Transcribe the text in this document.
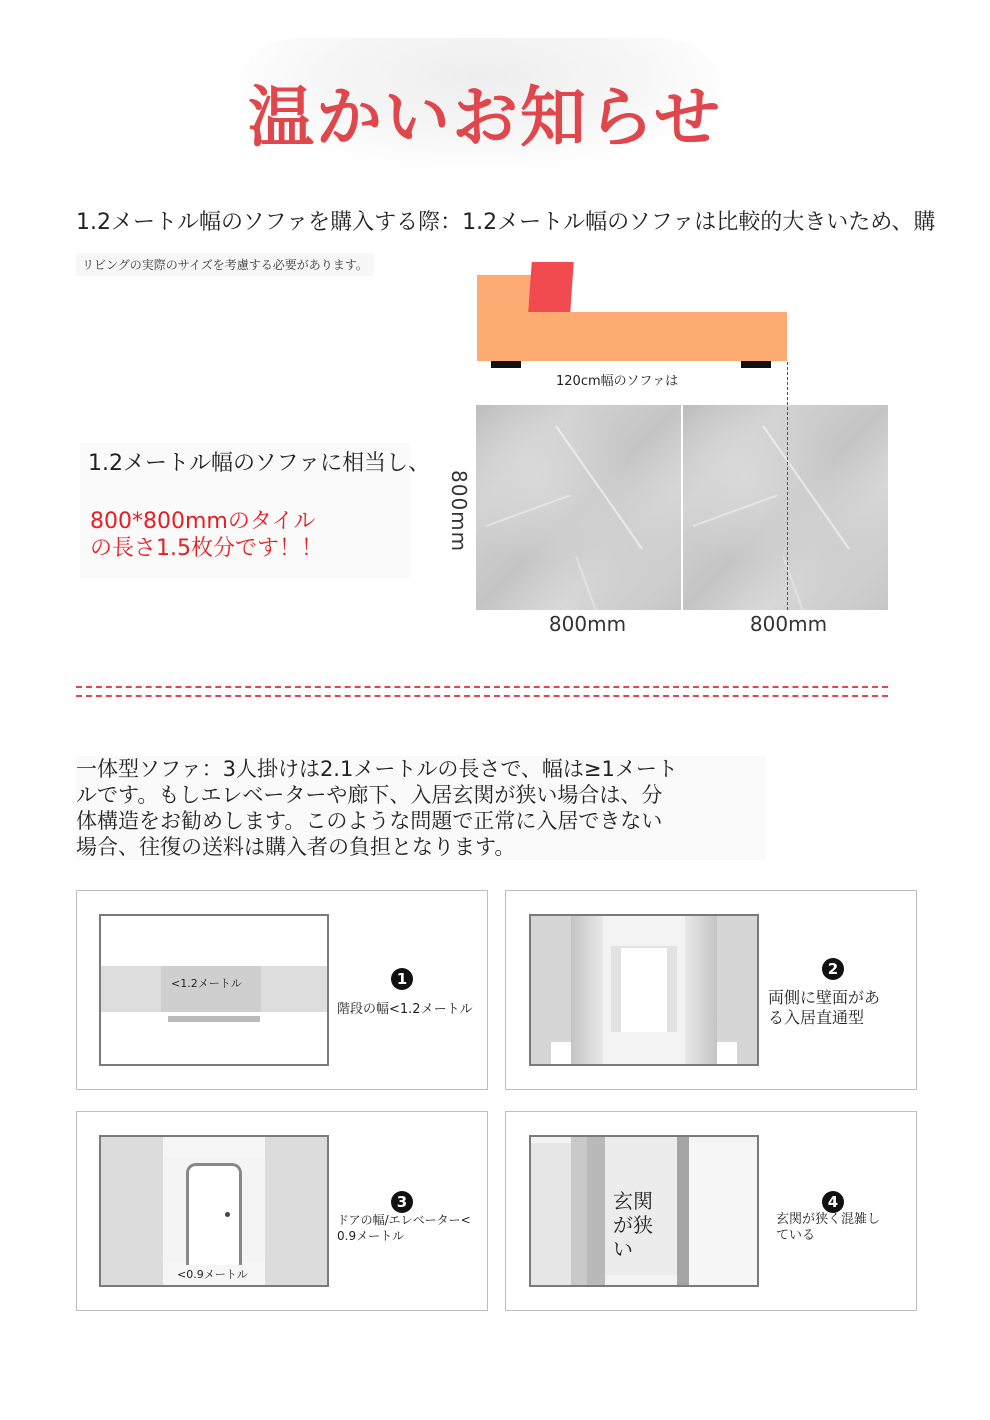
温かいお知らせ
1.2メートル幅のソファを購入する際：1.2メートル幅のソファは比較的大きいため、購
リビングの実際のサイズを考慮する必要があります。
120cm幅のソファは
800mm
800mm	800mm
1.2メートル幅のソファに相当し、
800*800mmのタイル
の長さ1.5枚分です！！
一体型ソファ：3人掛けは2.1メートルの長さで、幅は≥1メート
ルです。もしエレベーターや廊下、入居玄関が狭い場合は、分
体構造をお勧めします。このような問題で正常に入居できない
場合、往復の送料は購入者の負担となります。
<1.2メートル	1
階段の幅<1.2メートル
2
両側に壁面があ
る入居直通型
<0.9メートル
3
ドアの幅/エレベーター<
0.9メートル
玄関
が狭
い
4
玄関が狭く混雑し
ている
